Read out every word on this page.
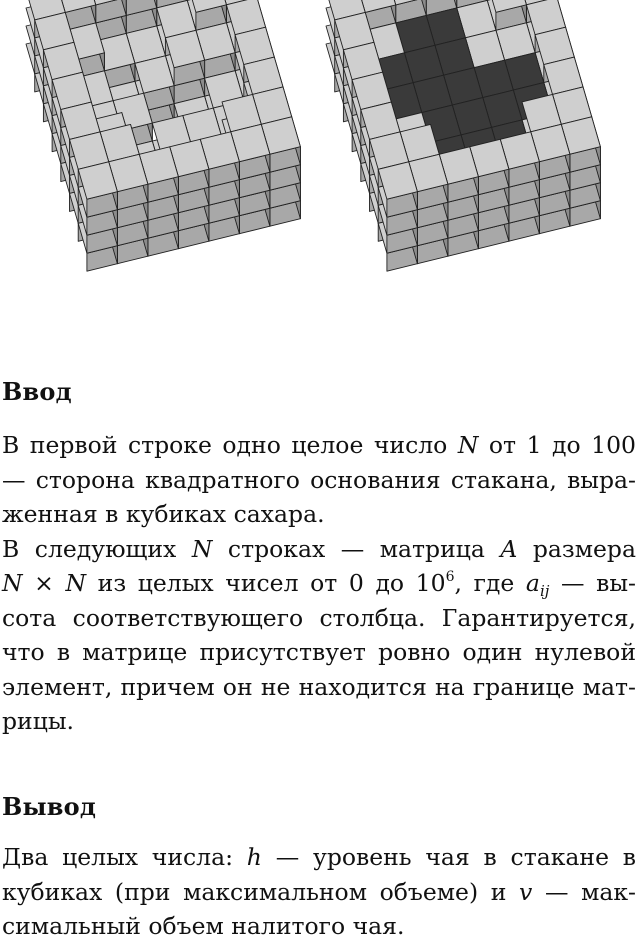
Ввод
В первой строке одно целое число N от 1 до 100
— сторона квадратного основания стакана, выра-
женная в кубиках сахара.
В следующих N строках — матрица A размера
N × N из целых чисел от 0 до $10^6$, где $a_{ij}$ — вы-
сота соответствующего столбца. Гарантируется,
что в матрице присутствует ровно один нулевой
элемент, причем он не находится на границе мат-
рицы.
Вывод
Два целых числа: h — уровень чая в стакане в
кубиках (при максимальном объеме) и v — мак-
симальный объем налитого чая.
